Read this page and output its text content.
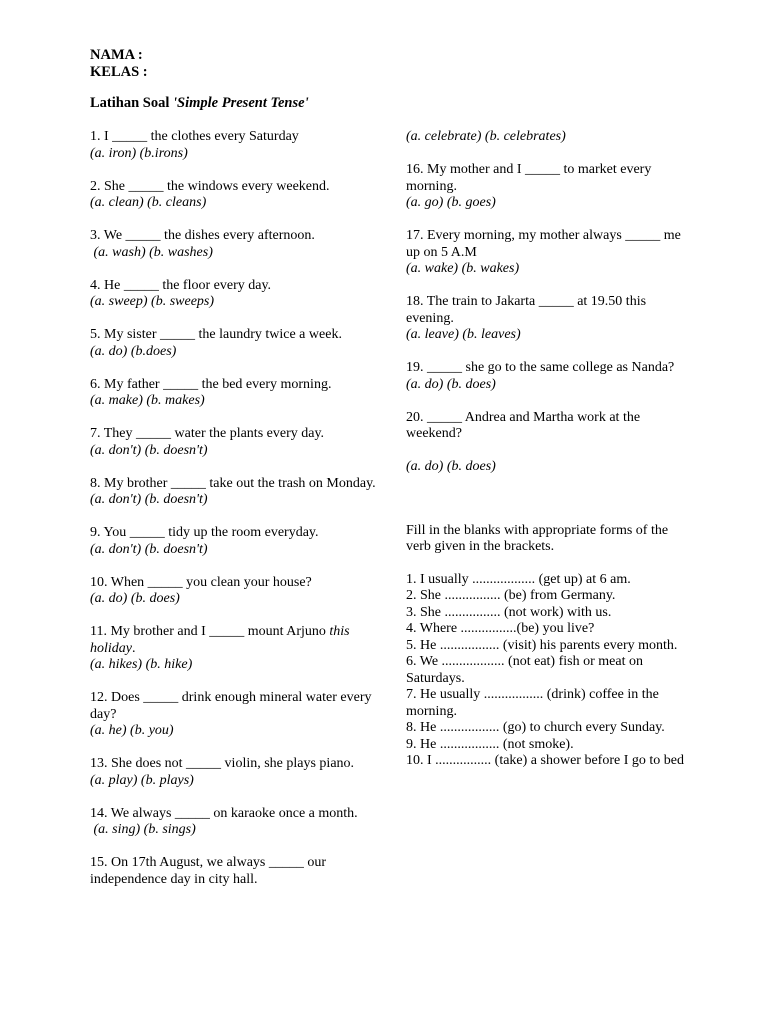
NAMA :
KELAS :
Latihan Soal 'Simple Present Tense'
1. I _____ the clothes every Saturday
(a. iron) (b.irons)
2. She _____ the windows every weekend.
(a. clean) (b. cleans)
3. We _____ the dishes every afternoon.
(a. wash) (b. washes)
4. He _____ the floor every day.
(a. sweep) (b. sweeps)
5. My sister _____ the laundry twice a week.
(a. do) (b.does)
6. My father _____ the bed every morning.
(a. make) (b. makes)
7. They _____ water the plants every day.
(a. don't) (b. doesn't)
8. My brother _____ take out the trash on Monday.
(a. don't) (b. doesn't)
9. You _____ tidy up the room everyday.
(a. don't) (b. doesn't)
10. When _____ you clean your house?
(a. do) (b. does)
11. My brother and I _____ mount Arjuno this holiday.
(a. hikes) (b. hike)
12. Does _____ drink enough mineral water every day?
(a. he) (b. you)
13. She does not _____ violin, she plays piano.
(a. play) (b. plays)
14. We always _____ on karaoke once a month.
(a. sing) (b. sings)
15. On 17th August, we always _____ our independence day in city hall.
(a. celebrate) (b. celebrates)
16. My mother and I _____ to market every morning.
(a. go) (b. goes)
17. Every morning, my mother always _____ me up on 5 A.M
(a. wake) (b. wakes)
18. The train to Jakarta _____ at 19.50 this evening.
(a. leave) (b. leaves)
19. _____ she go to the same college as Nanda?
(a. do) (b. does)
20. _____ Andrea and Martha work at the weekend?
(a. do) (b. does)
Fill in the blanks with appropriate forms of the verb given in the brackets.
1. I usually .................. (get up) at 6 am.
2. She ................ (be) from Germany.
3. She ................ (not work) with us.
4. Where ................(be) you live?
5. He ................. (visit) his parents every month.
6. We .................. (not eat) fish or meat on Saturdays.
7. He usually ................. (drink) coffee in the morning.
8. He ................. (go) to church every Sunday.
9. He ................. (not smoke).
10. I ................ (take) a shower before I go to bed
